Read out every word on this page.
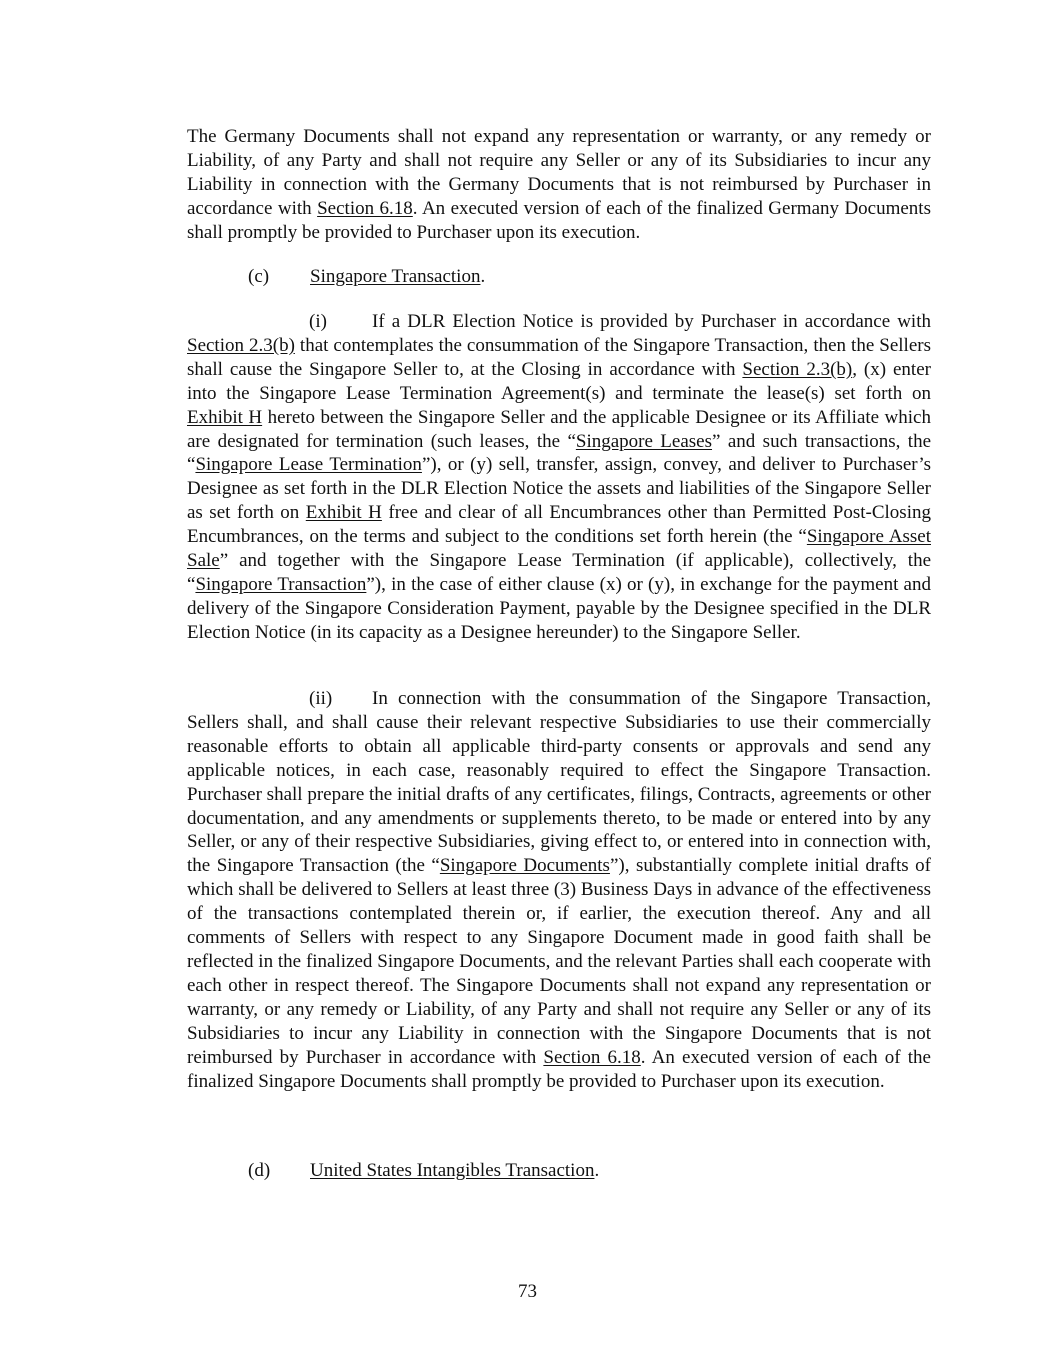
The Germany Documents shall not expand any representation or warranty, or any remedy or Liability, of any Party and shall not require any Seller or any of its Subsidiaries to incur any Liability in connection with the Germany Documents that is not reimbursed by Purchaser in accordance with Section 6.18. An executed version of each of the finalized Germany Documents shall promptly be provided to Purchaser upon its execution.

(c) Singapore Transaction.

(i) If a DLR Election Notice is provided by Purchaser in accordance with Section 2.3(b) that contemplates the consummation of the Singapore Transaction, then the Sellers shall cause the Singapore Seller to, at the Closing in accordance with Section 2.3(b), (x) enter into the Singapore Lease Termination Agreement(s) and terminate the lease(s) set forth on Exhibit H hereto between the Singapore Seller and the applicable Designee or its Affiliate which are designated for termination (such leases, the “Singapore Leases” and such transactions, the “Singapore Lease Termination”), or (y) sell, transfer, assign, convey, and deliver to Purchaser’s Designee as set forth in the DLR Election Notice the assets and liabilities of the Singapore Seller as set forth on Exhibit H free and clear of all Encumbrances other than Permitted Post-Closing Encumbrances, on the terms and subject to the conditions set forth herein (the “Singapore Asset Sale” and together with the Singapore Lease Termination (if applicable), collectively, the “Singapore Transaction”), in the case of either clause (x) or (y), in exchange for the payment and delivery of the Singapore Consideration Payment, payable by the Designee specified in the DLR Election Notice (in its capacity as a Designee hereunder) to the Singapore Seller.

(ii) In connection with the consummation of the Singapore Transaction, Sellers shall, and shall cause their relevant respective Subsidiaries to use their commercially reasonable efforts to obtain all applicable third-party consents or approvals and send any applicable notices, in each case, reasonably required to effect the Singapore Transaction. Purchaser shall prepare the initial drafts of any certificates, filings, Contracts, agreements or other documentation, and any amendments or supplements thereto, to be made or entered into by any Seller, or any of their respective Subsidiaries, giving effect to, or entered into in connection with, the Singapore Transaction (the “Singapore Documents”), substantially complete initial drafts of which shall be delivered to Sellers at least three (3) Business Days in advance of the effectiveness of the transactions contemplated therein or, if earlier, the execution thereof. Any and all comments of Sellers with respect to any Singapore Document made in good faith shall be reflected in the finalized Singapore Documents, and the relevant Parties shall each cooperate with each other in respect thereof. The Singapore Documents shall not expand any representation or warranty, or any remedy or Liability, of any Party and shall not require any Seller or any of its Subsidiaries to incur any Liability in connection with the Singapore Documents that is not reimbursed by Purchaser in accordance with Section 6.18. An executed version of each of the finalized Singapore Documents shall promptly be provided to Purchaser upon its execution.

(d) United States Intangibles Transaction.
73
